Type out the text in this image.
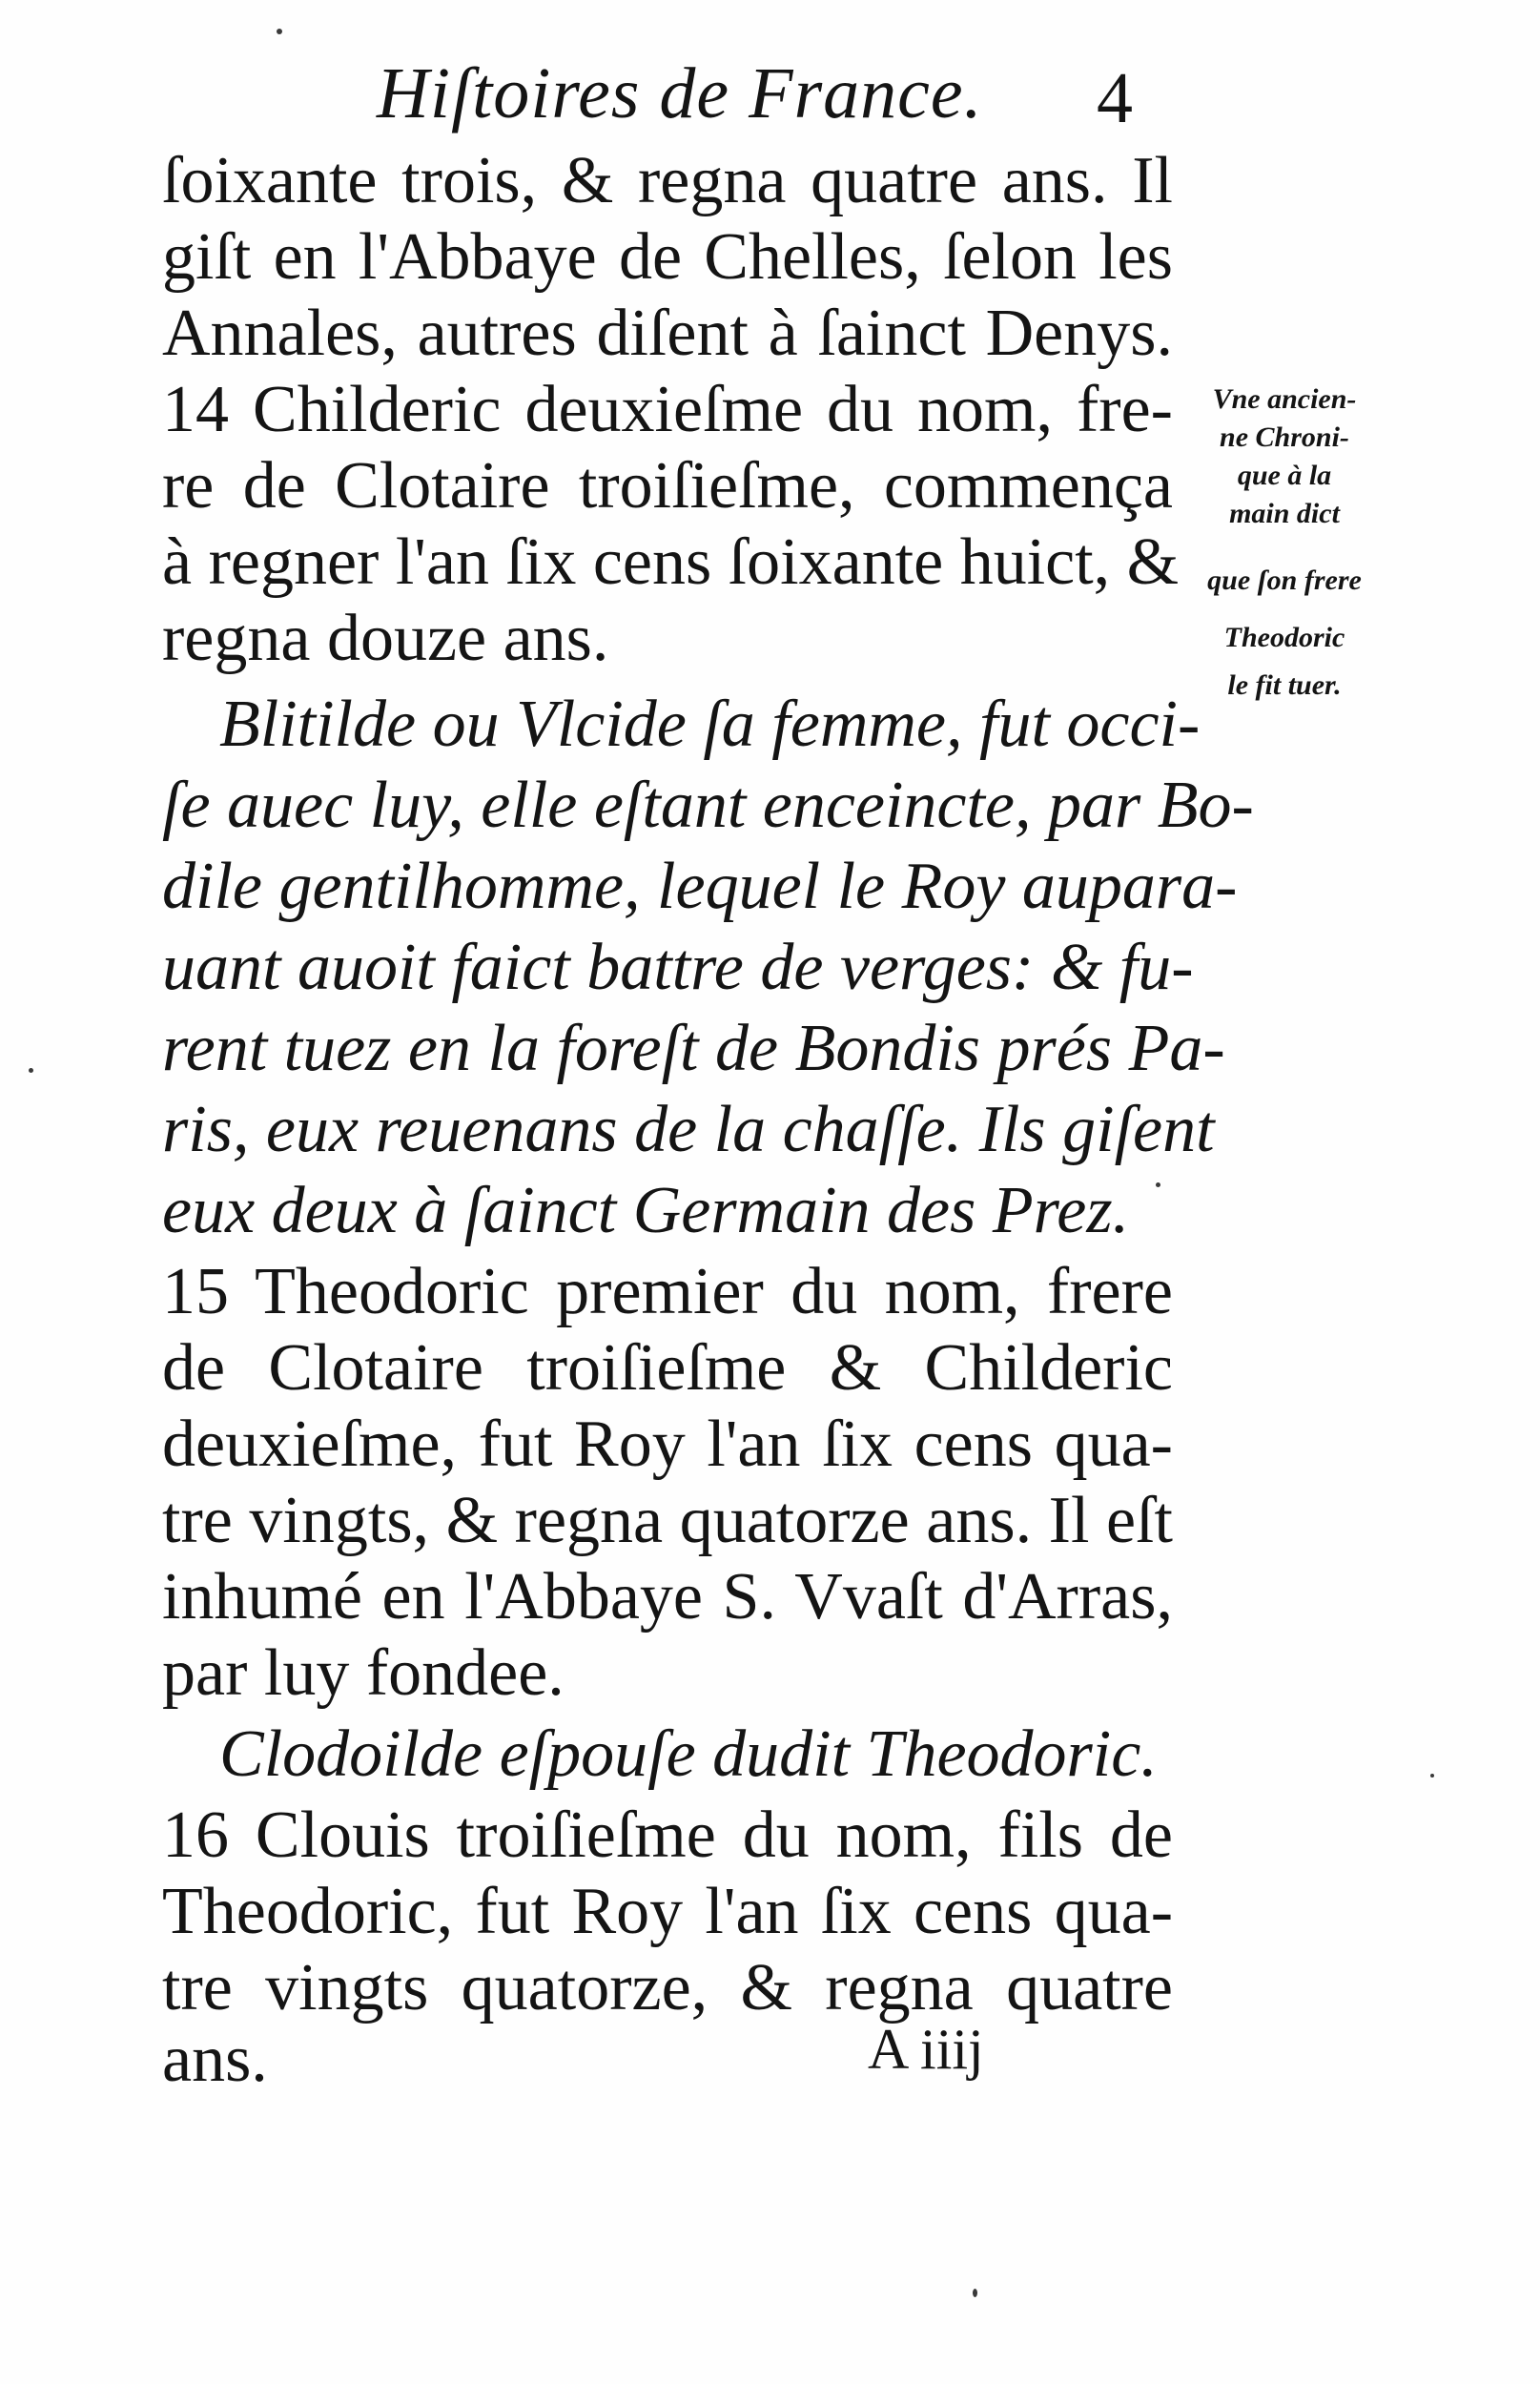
Hiſtoires de France. 4
ſoixante trois, & regna quatre ans. Il
giſt en l'Abbaye de Chelles, ſelon les
Annales, autres diſent à ſainct Denys.
14 Childeric deuxieſme du nom, fre-
re de Clotaire troiſieſme, commença
à regner l'an ſix cens ſoixante huict, &
regna douze ans.
Blitilde ou Vlcide ſa femme, fut occi-
ſe auec luy, elle eſtant enceincte, par Bo-
dile gentilhomme, lequel le Roy aupara-
uant auoit faict battre de verges: & fu-
rent tuez en la foreſt de Bondis prés Pa-
ris, eux reuenans de la chaſſe. Ils giſent
eux deux à ſainct Germain des Prez.
15 Theodoric premier du nom, frere
de Clotaire troiſieſme & Childeric
deuxieſme, fut Roy l'an ſix cens qua-
tre vingts, & regna quatorze ans. Il eſt
inhumé en l'Abbaye S. Vvaſt d'Arras,
par luy fondee.
Clodoilde eſpouſe dudit Theodoric.
16 Clouis troiſieſme du nom, fils de
Theodoric, fut Roy l'an ſix cens qua-
tre vingts quatorze, & regna quatre
ans.
Vne ancien-
ne Chroni-
que à la
main dict
que ſon frere
Theodoric
le fit tuer.
A iiij
